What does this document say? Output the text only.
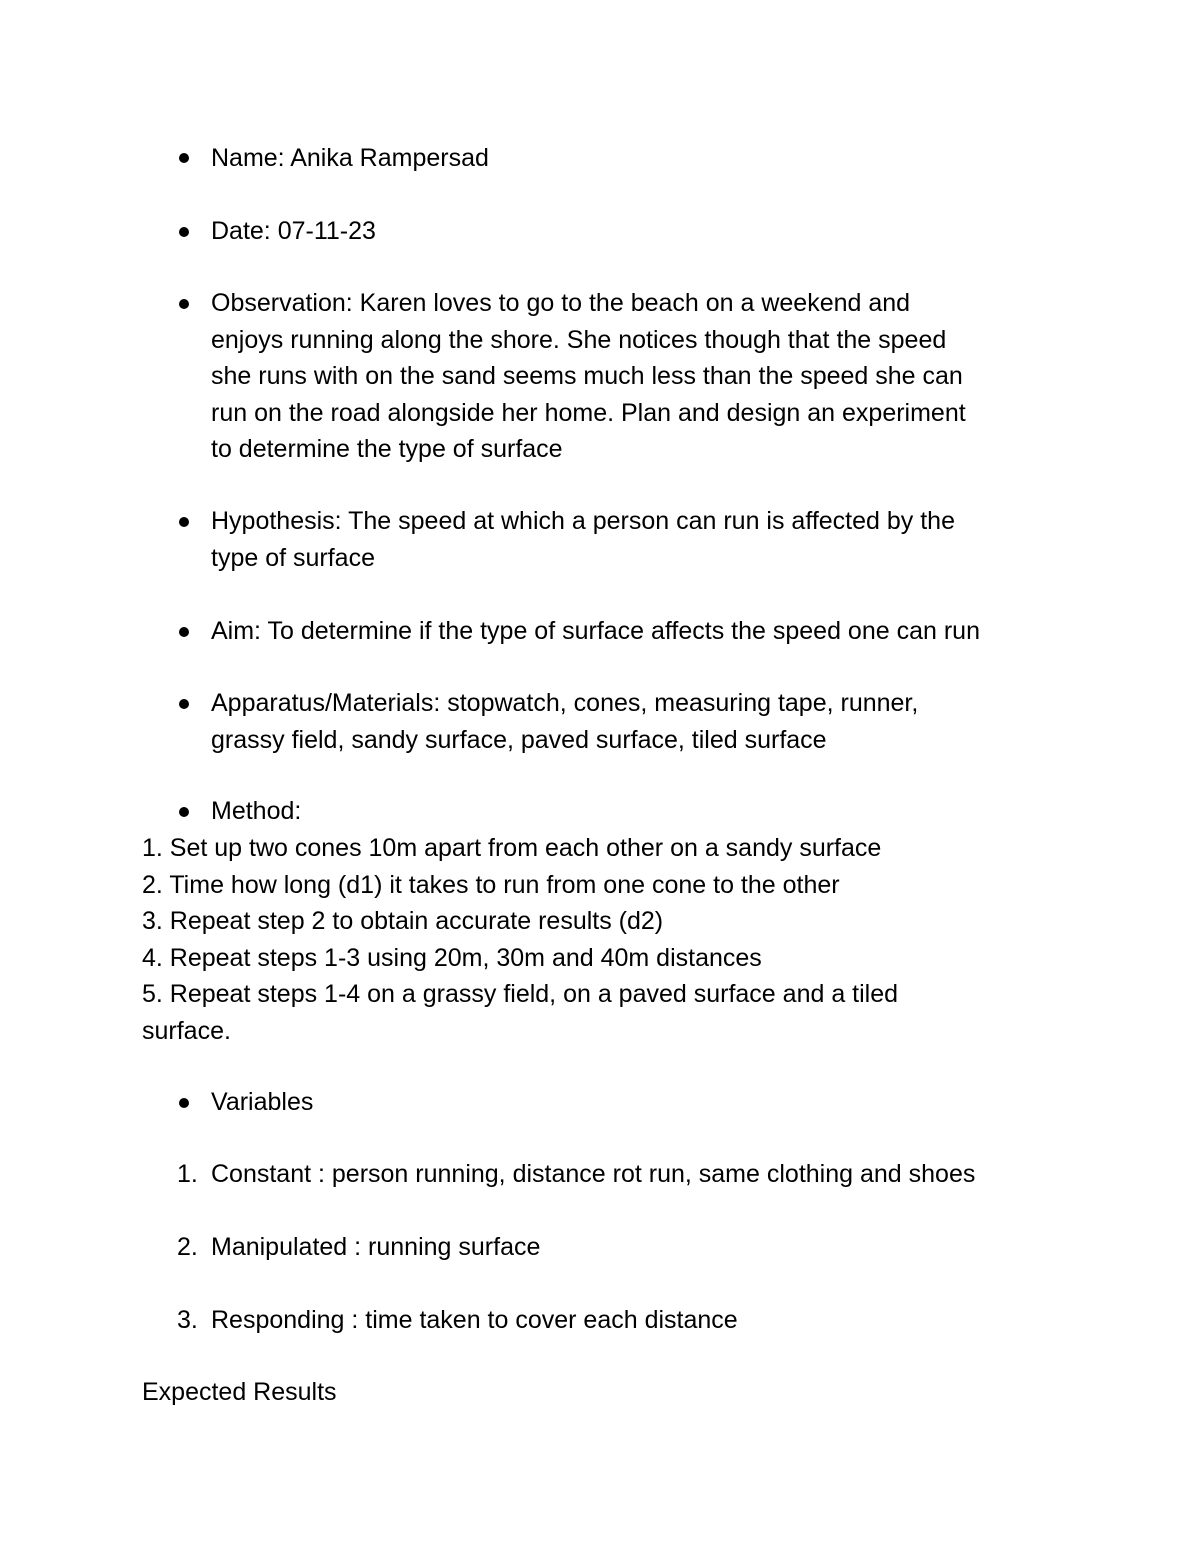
Name: Anika Rampersad
Date: 07-11-23
Observation: Karen loves to go to the beach on a weekend and
enjoys running along the shore. She notices though that the speed
she runs with on the sand seems much less than the speed she can
run on the road alongside her home. Plan and design an experiment
to determine the type of surface
Hypothesis: The speed at which a person can run is affected by the
type of surface
Aim: To determine if the type of surface affects the speed one can run
Apparatus/Materials: stopwatch, cones, measuring tape, runner,
grassy field, sandy surface, paved surface, tiled surface
Method:
1. Set up two cones 10m apart from each other on a sandy surface
2. Time how long (d1) it takes to run from one cone to the other
3. Repeat step 2 to obtain accurate results (d2)
4. Repeat steps 1-3 using 20m, 30m and 40m distances
5. Repeat steps 1-4 on a grassy field, on a paved surface and a tiled
surface.
Variables
1. Constant : person running, distance rot run, same clothing and shoes
2. Manipulated : running surface
3. Responding : time taken to cover each distance
Expected Results
